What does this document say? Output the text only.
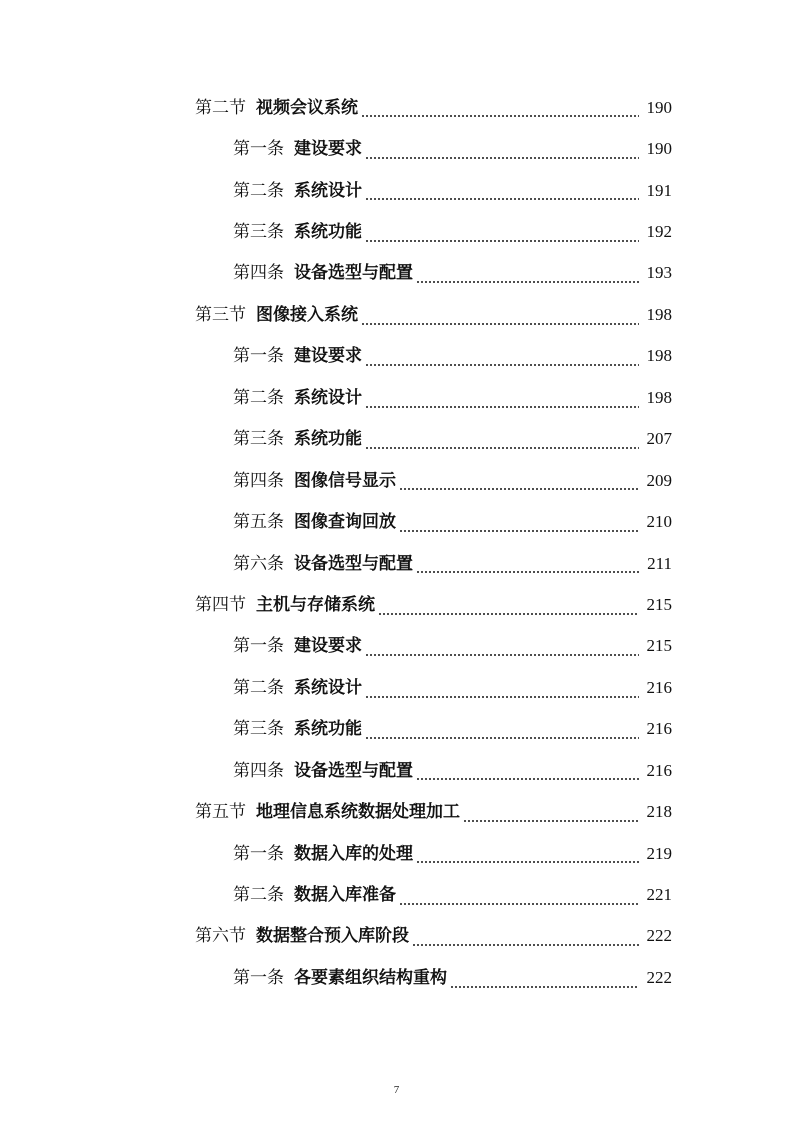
第二节 视频会议系统	190
第一条 建设要求	190
第二条 系统设计	191
第三条 系统功能	192
第四条 设备选型与配置	193
第三节 图像接入系统	198
第一条 建设要求	198
第二条 系统设计	198
第三条 系统功能	207
第四条 图像信号显示	209
第五条 图像查询回放	210
第六条 设备选型与配置	211
第四节 主机与存储系统	215
第一条 建设要求	215
第二条 系统设计	216
第三条 系统功能	216
第四条 设备选型与配置	216
第五节 地理信息系统数据处理加工	218
第一条 数据入库的处理	219
第二条 数据入库准备	221
第六节 数据整合预入库阶段	222
第一条 各要素组织结构重构	222
7
